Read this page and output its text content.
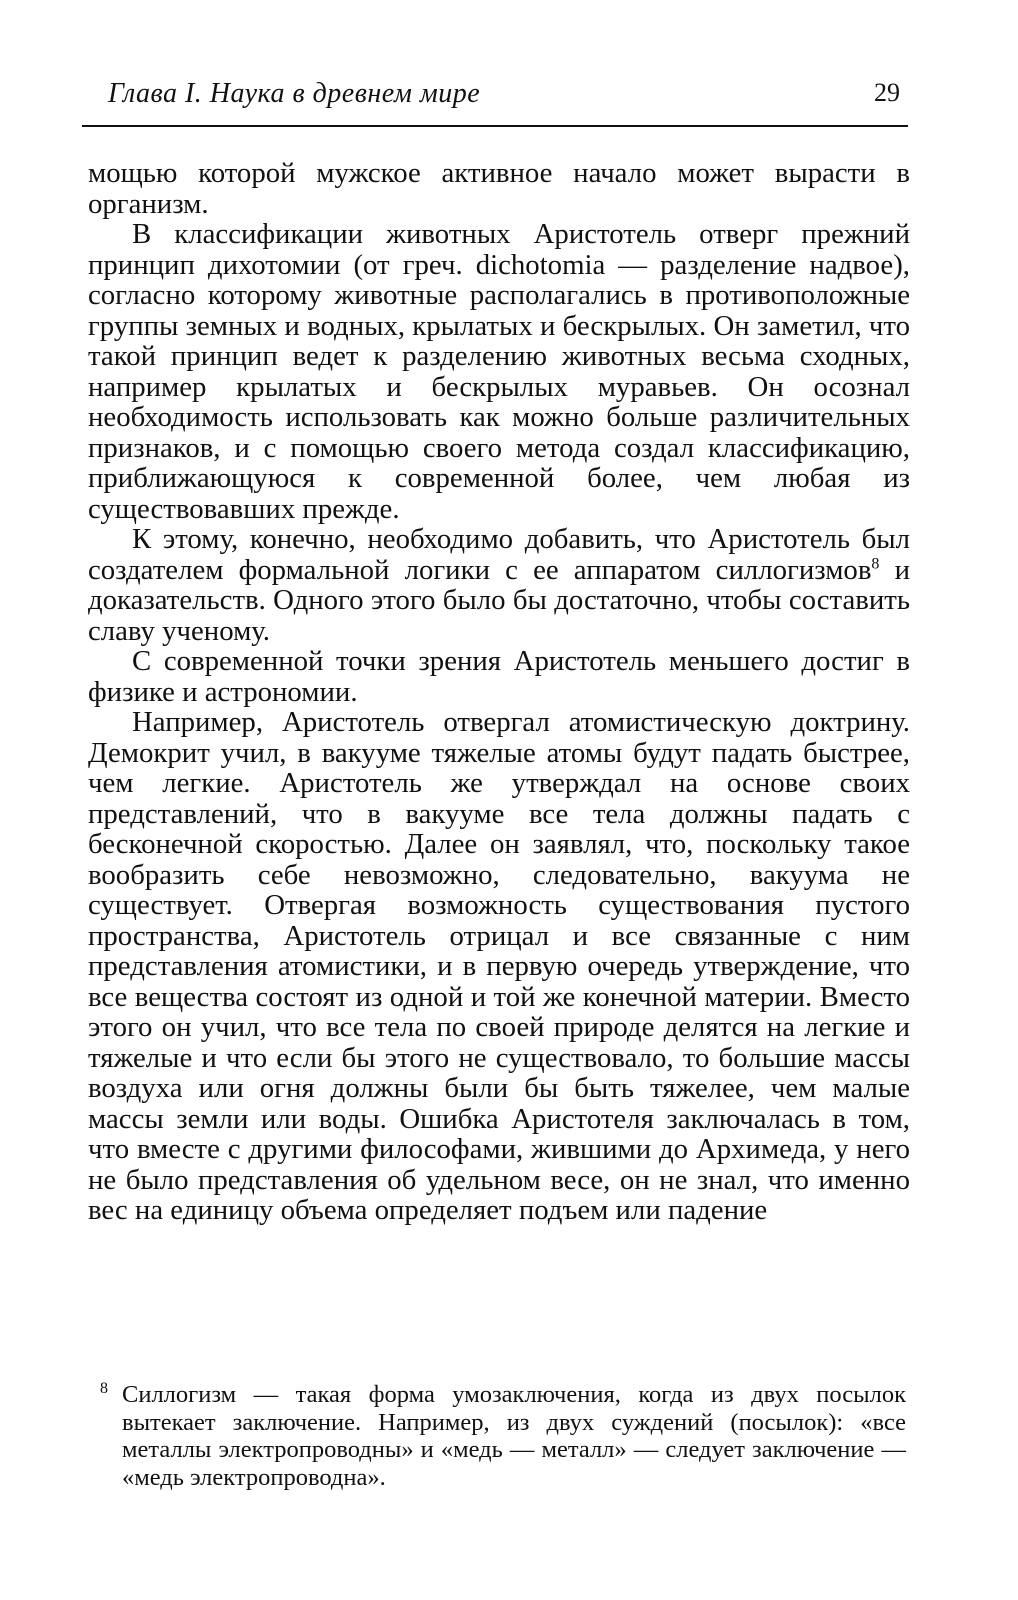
Глава I. Наука в древнем мире	29

мощью которой мужское активное начало может вырасти в организм.

В классификации животных Аристотель отверг прежний принцип дихотомии (от греч. dichotomia — разделение надвое), согласно которому животные располагались в противоположные группы земных и водных, крылатых и бескрылых. Он заметил, что такой принцип ведет к разделению животных весьма сходных, например крылатых и бескрылых муравьев. Он осознал необходимость использовать как можно больше различительных признаков, и с помощью своего метода создал классификацию, приближающуюся к современной более, чем любая из существовавших прежде.

К этому, конечно, необходимо добавить, что Аристотель был создателем формальной логики с ее аппаратом силлогизмов$^8$ и доказательств. Одного этого было бы достаточно, чтобы составить славу ученому.

С современной точки зрения Аристотель меньшего достиг в физике и астрономии.

Например, Аристотель отвергал атомистическую доктрину. Демокрит учил, в вакууме тяжелые атомы будут падать быстрее, чем легкие. Аристотель же утверждал на основе своих представлений, что в вакууме все тела должны падать с бесконечной скоростью. Далее он заявлял, что, поскольку такое вообразить себе невозможно, следовательно, вакуума не существует. Отвергая возможность существования пустого пространства, Аристотель отрицал и все связанные с ним представления атомистики, и в первую очередь утверждение, что все вещества состоят из одной и той же конечной материи. Вместо этого он учил, что все тела по своей природе делятся на легкие и тяжелые и что если бы этого не существовало, то большие массы воздуха или огня должны были бы быть тяжелее, чем малые массы земли или воды. Ошибка Аристотеля заключалась в том, что вместе с другими философами, жившими до Архимеда, у него не было представления об удельном весе, он не знал, что именно вес на единицу объема определяет подъем или падение

8 Силлогизм — такая форма умозаключения, когда из двух посылок вытекает заключение. Например, из двух суждений (посылок): «все металлы электропроводны» и «медь — металл» — следует заключение — «медь электропроводна».
